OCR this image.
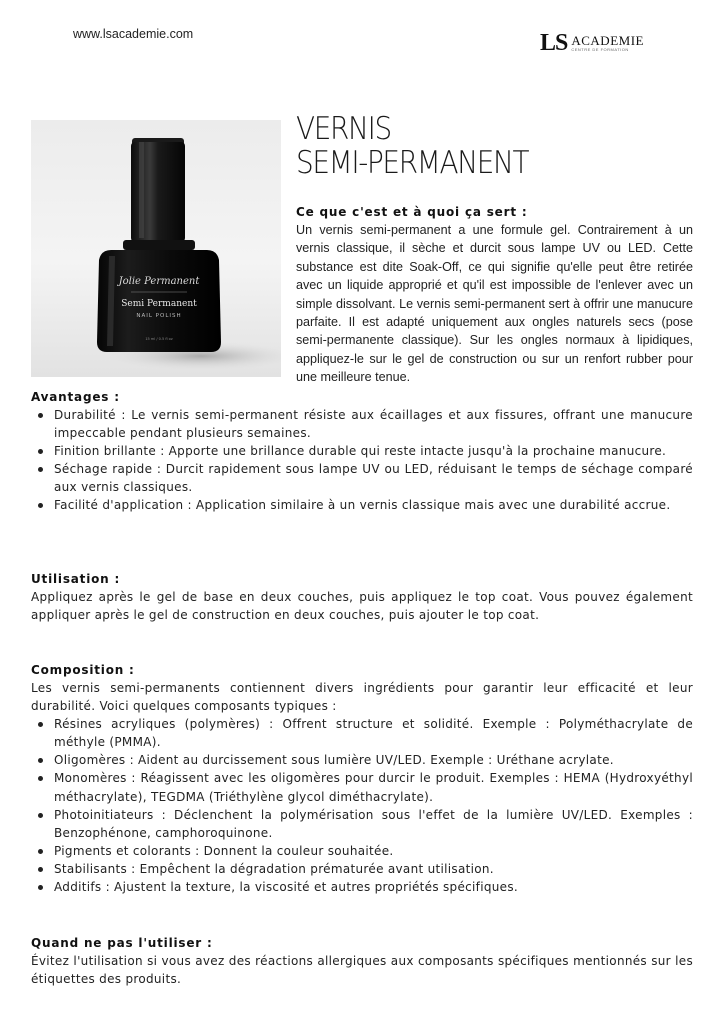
www.lsacademie.com	LS ACADEMIE
CENTRE DE FORMATION
Jolie Permanent
Semi Permanent
NAIL POLISH
15 ml / 0.5 fl oz
VERNIS
SEMI-PERMANENT
Ce que c'est et à quoi ça sert :

Un vernis semi-permanent a une formule gel. Contrairement à un vernis classique, il sèche et durcit sous lampe UV ou LED. Cette substance est dite Soak-Off, ce qui signifie qu'elle peut être retirée avec un liquide approprié et qu'il est impossible de l'enlever avec un simple dissolvant. Le vernis semi-permanent sert à offrir une manucure parfaite. Il est adapté uniquement aux ongles naturels secs (pose semi-permanente classique). Sur les ongles normaux à lipidiques, appliquez-le sur le gel de construction ou sur un renfort rubber pour une meilleure tenue.

Avantages :
Durabilité : Le vernis semi-permanent résiste aux écaillages et aux fissures, offrant une manucure impeccable pendant plusieurs semaines.
Finition brillante : Apporte une brillance durable qui reste intacte jusqu'à la prochaine manucure.
Séchage rapide : Durcit rapidement sous lampe UV ou LED, réduisant le temps de séchage comparé aux vernis classiques.
Facilité d'application : Application similaire à un vernis classique mais avec une durabilité accrue.
Utilisation :

Appliquez après le gel de base en deux couches, puis appliquez le top coat. Vous pouvez également appliquer après le gel de construction en deux couches, puis ajouter le top coat.

Composition :

Les vernis semi-permanents contiennent divers ingrédients pour garantir leur efficacité et leur durabilité. Voici quelques composants typiques :

Résines acryliques (polymères) : Offrent structure et solidité. Exemple : Polyméthacrylate de méthyle (PMMA).
Oligomères : Aident au durcissement sous lumière UV/LED. Exemple : Uréthane acrylate.
Monomères : Réagissent avec les oligomères pour durcir le produit. Exemples : HEMA (Hydroxyéthyl méthacrylate), TEGDMA (Triéthylène glycol diméthacrylate).
Photoinitiateurs : Déclenchent la polymérisation sous l'effet de la lumière UV/LED. Exemples : Benzophénone, camphoroquinone.
Pigments et colorants : Donnent la couleur souhaitée.
Stabilisants : Empêchent la dégradation prématurée avant utilisation.
Additifs : Ajustent la texture, la viscosité et autres propriétés spécifiques.
Quand ne pas l'utiliser :

Évitez l'utilisation si vous avez des réactions allergiques aux composants spécifiques mentionnés sur les étiquettes des produits.
